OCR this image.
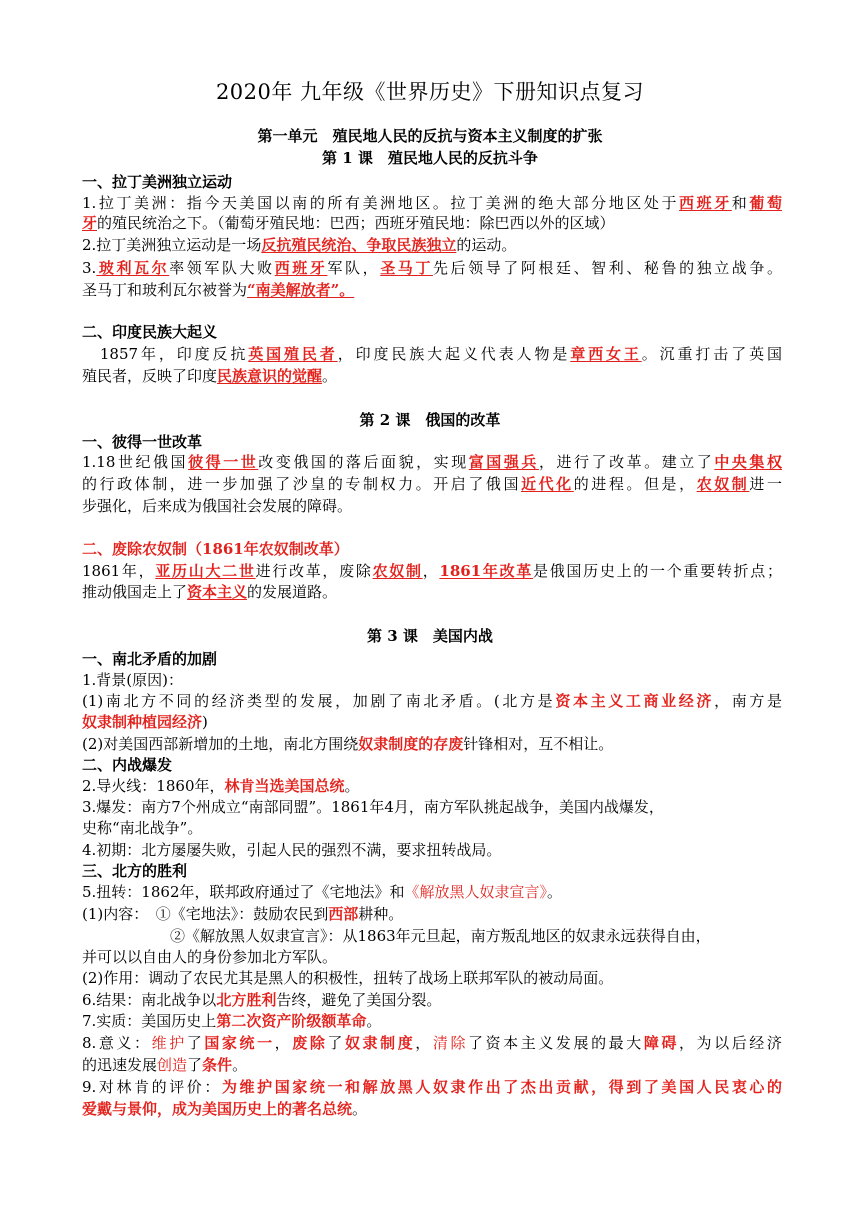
2020年 九年级《世界历史》下册知识点复习
第一单元　殖民地人民的反抗与资本主义制度的扩张
第 1 课　殖民地人民的反抗斗争
一、拉丁美洲独立运动
1.拉丁美洲：指今天美国以南的所有美洲地区。拉丁美洲的绝大部分地区处于西班牙和葡萄
牙的殖民统治之下。（葡萄牙殖民地：巴西；西班牙殖民地：除巴西以外的区域）
2.拉丁美洲独立运动是一场反抗殖民统治、争取民族独立的运动。
3.玻利瓦尔率领军队大败西班牙军队，圣马丁先后领导了阿根廷、智利、秘鲁的独立战争。
圣马丁和玻利瓦尔被誉为“南美解放者”。
二、印度民族大起义
　1857年，印度反抗英国殖民者，印度民族大起义代表人物是章西女王。沉重打击了英国
殖民者，反映了印度民族意识的觉醒。
第 2 课　俄国的改革
一、彼得一世改革
1.18世纪俄国彼得一世改变俄国的落后面貌，实现富国强兵，进行了改革。建立了中央集权
的行政体制，进一步加强了沙皇的专制权力。开启了俄国近代化的进程。但是，农奴制进一
步强化，后来成为俄国社会发展的障碍。
二、废除农奴制（1861年农奴制改革）
1861年，亚历山大二世进行改革，废除农奴制，1861年改革是俄国历史上的一个重要转折点；
推动俄国走上了资本主义的发展道路。
第 3 课　美国内战
一、南北矛盾的加剧
1.背景(原因)：
(1)南北方不同的经济类型的发展，加剧了南北矛盾。(北方是资本主义工商业经济，南方是
奴隶制种植园经济)
(2)对美国西部新增加的土地，南北方围绕奴隶制度的存废针锋相对，互不相让。
二、内战爆发
2.导火线：1860年，林肯当选美国总统。
3.爆发：南方7个州成立“南部同盟”。1861年4月，南方军队挑起战争，美国内战爆发，
史称“南北战争”。
4.初期：北方屡屡失败，引起人民的强烈不满，要求扭转战局。
三、北方的胜利
5.扭转：1862年，联邦政府通过了《宅地法》和《解放黑人奴隶宣言》。
(1)内容：　①《宅地法》：鼓励农民到西部耕种。
②《解放黑人奴隶宣言》：从1863年元旦起，南方叛乱地区的奴隶永远获得自由，
并可以以自由人的身份参加北方军队。
(2)作用：调动了农民尤其是黑人的积极性，扭转了战场上联邦军队的被动局面。
6.结果：南北战争以北方胜利告终，避免了美国分裂。
7.实质：美国历史上第二次资产阶级额革命。
8.意义：维护了国家统一，废除了奴隶制度，清除了资本主义发展的最大障碍，为以后经济
的迅速发展创造了条件。
9.对林肯的评价：为维护国家统一和解放黑人奴隶作出了杰出贡献，得到了美国人民衷心的
爱戴与景仰，成为美国历史上的著名总统。
